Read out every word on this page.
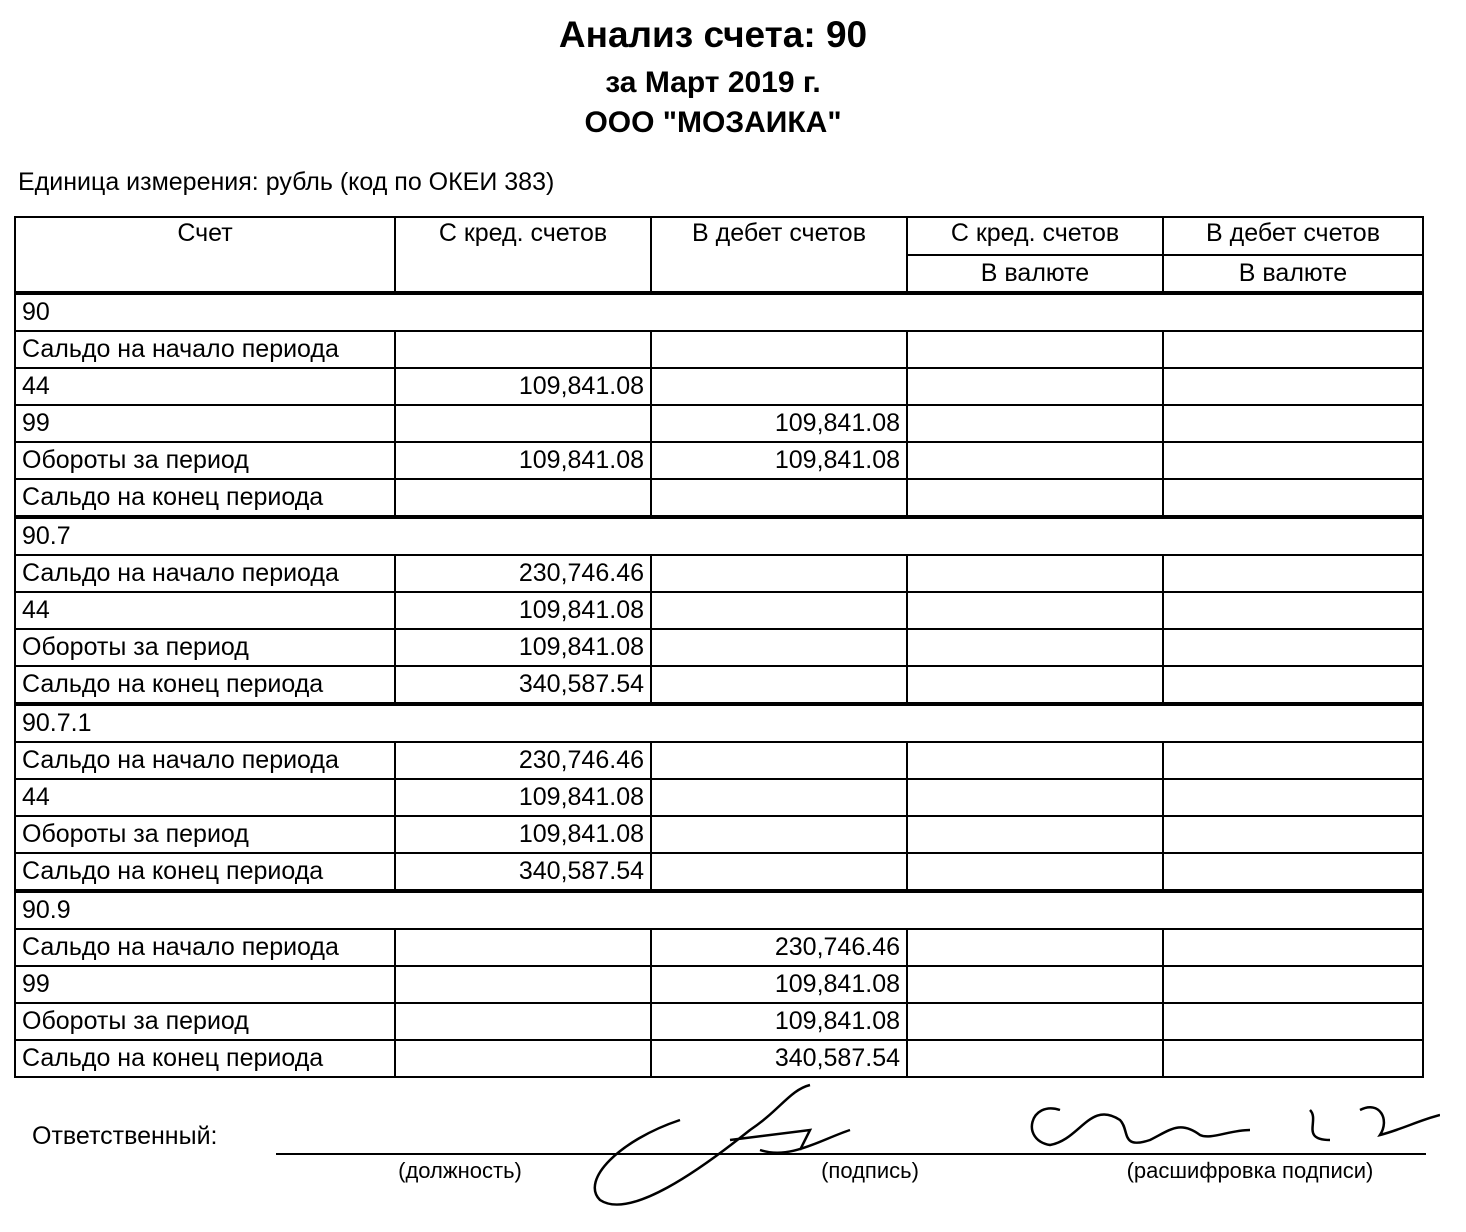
Анализ счета: 90
за Март 2019 г.
ООО "МОЗАИКА"
Единица измерения: рубль (код по ОКЕИ 383)
Счет	С кред. счетов	В дебет счетов	С кред. счетов	В дебет счетов
			В валюте	В валюте
90				
Сальдо на начало периода				
44	109,841.08			
99		109,841.08		
Обороты за период	109,841.08	109,841.08		
Сальдо на конец периода				
90.7				
Сальдо на начало периода	230,746.46			
44	109,841.08			
Обороты за период	109,841.08			
Сальдо на конец периода	340,587.54			
90.7.1				
Сальдо на начало периода	230,746.46			
44	109,841.08			
Обороты за период	109,841.08			
Сальдо на конец периода	340,587.54			
90.9				
Сальдо на начало периода		230,746.46		
99		109,841.08		
Обороты за период		109,841.08		
Сальдо на конец периода		340,587.54		
Ответственный:
(должность)	(подпись)	(расшифровка подписи)
